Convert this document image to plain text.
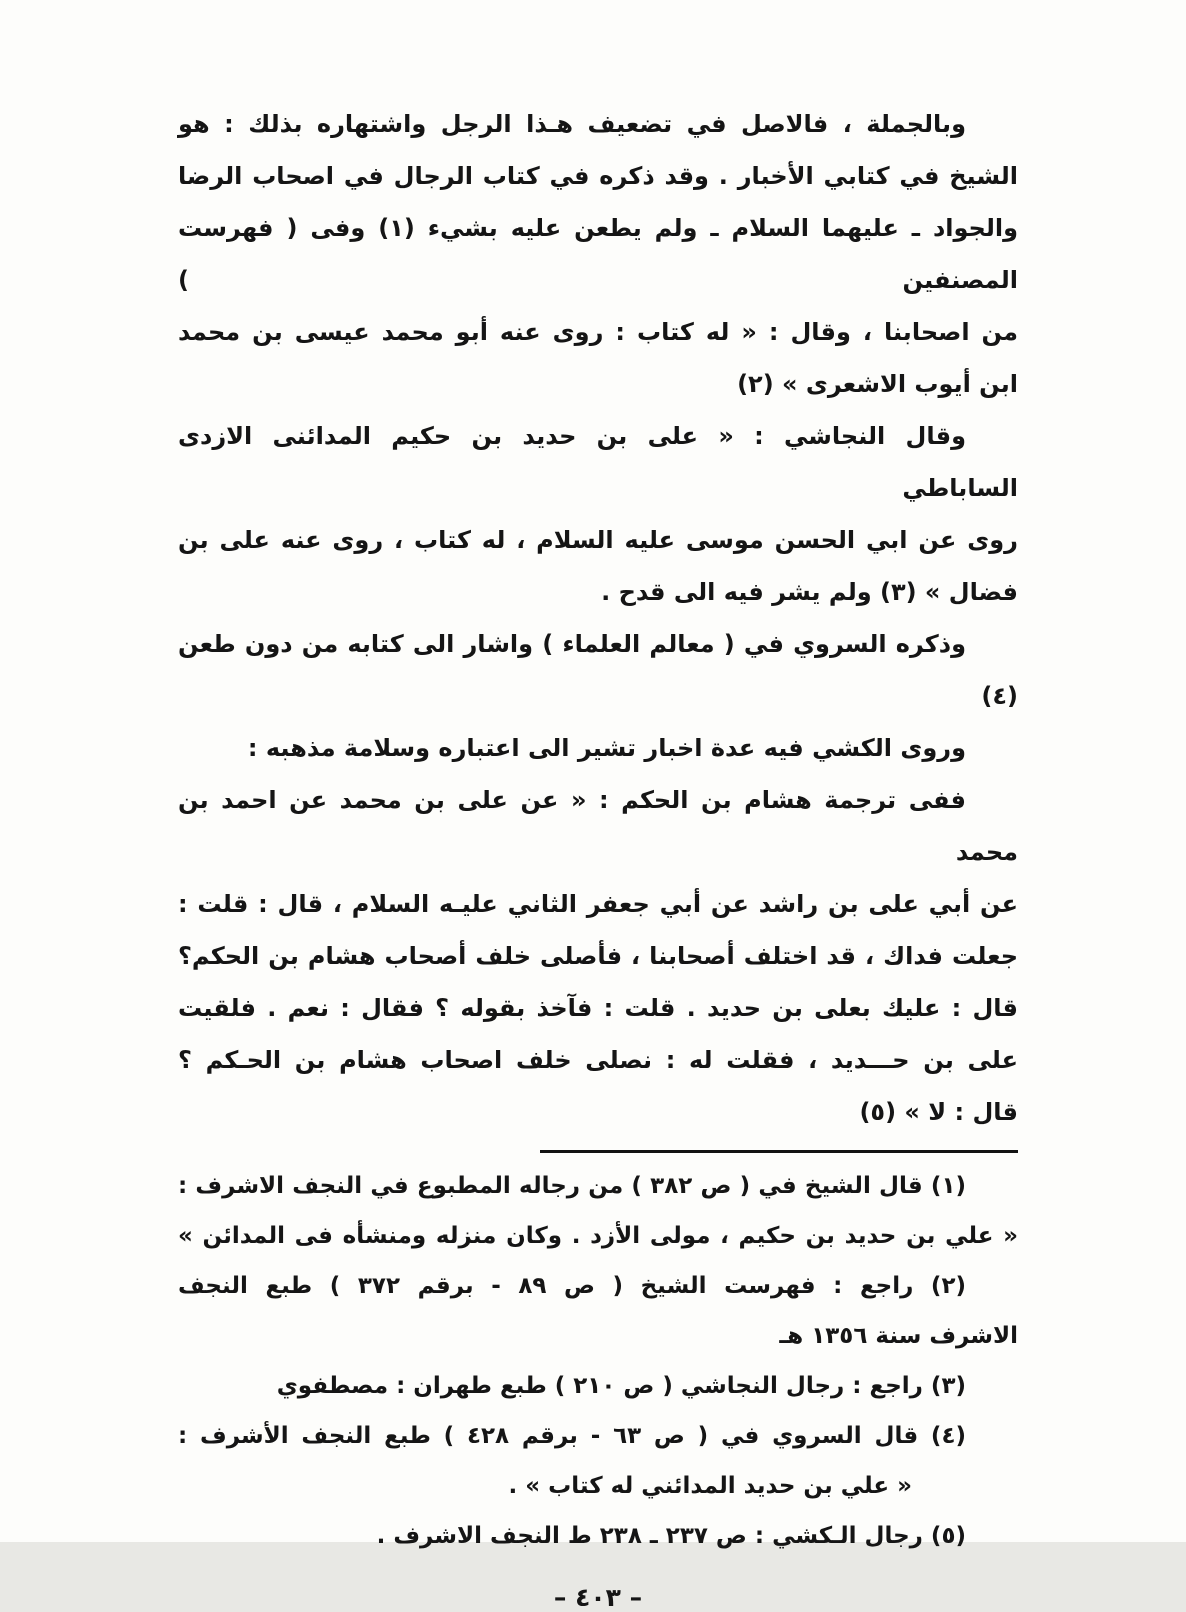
وبالجملة ، فالاصل في تضعيف هـذا الرجل واشتهاره بذلك : هو
الشيخ في كتابي الأخبار . وقد ذكره في كتاب الرجال في اصحاب الرضا
والجواد ـ عليهما السلام ـ ولم يطعن عليه بشيء (١) وفى ( فهرست المصنفين )
من اصحابنا ، وقال : « له كتاب : روى عنه أبو محمد عيسى بن محمد
ابن أيوب الاشعرى » (٢)
وقال النجاشي : « على بن حديد بن حكيم المدائنى الازدى الساباطي
روى عن ابي الحسن موسى عليه السلام ، له كتاب ، روى عنه على بن
فضال » (٣) ولم يشر فيه الى قدح .
وذكره السروي في ( معالم العلماء ) واشار الى كتابه من دون طعن (٤)
وروى الكشي فيه عدة اخبار تشير الى اعتباره وسلامة مذهبه :
ففى ترجمة هشام بن الحكم : « عن على بن محمد عن احمد بن محمد
عن أبي على بن راشد عن أبي جعفر الثاني عليـه السلام ، قال : قلت :
جعلت فداك ، قد اختلف أصحابنا ، فأصلى خلف أصحاب هشام بن الحكم؟
قال : عليك بعلى بن حديد . قلت : فآخذ بقوله ؟ فقال : نعم . فلقيت
على بن حـــديد ، فقلت له : نصلى خلف اصحاب هشام بن الحـكم ؟
قال : لا » (٥)
(١) قال الشيخ في ( ص ٣٨٢ ) من رجاله المطبوع في النجف الاشرف :
« علي بن حديد بن حكيم ، مولى الأزد . وكان منزله ومنشأه فى المدائن »
(٢) راجع : فهرست الشيخ ( ص ٨٩ - برقم ٣٧٢ ) طبع النجف
الاشرف سنة ١٣٥٦ هـ
(٣) راجع : رجال النجاشي ( ص ٢١٠ ) طبع طهران : مصطفوي
(٤) قال السروي في ( ص ٦٣ - برقم ٤٢٨ ) طبع النجف الأشرف :
« علي بن حديد المدائني له كتاب » .
(٥) رجال الـكشي : ص ٢٣٧ ـ ٢٣٨ ط النجف الاشرف .
– ٤٠٣ –
